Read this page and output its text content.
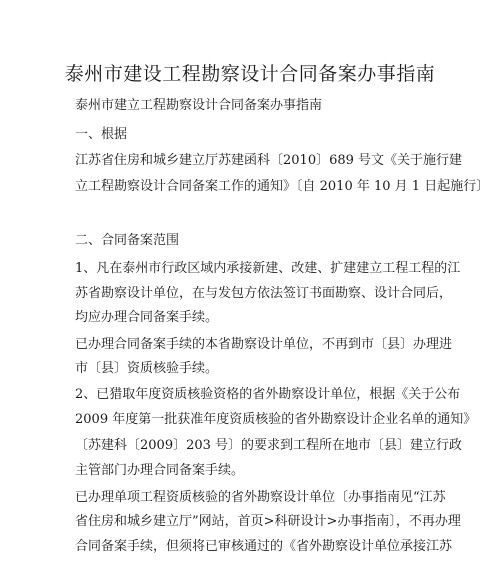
泰州市建设工程勘察设计合同备案办事指南

泰州市建立工程勘察设计合同备案办事指南

一、根据

江苏省住房和城乡建立厅苏建函科〔2010〕689 号文《关于施行建

立工程勘察设计合同备案工作的通知》〔自 2010 年 10 月 1 日起施行〕

二、合同备案范围

1、凡在泰州市行政区域内承接新建、改建、扩建建立工程工程的江

苏省勘察设计单位，在与发包方依法签订书面勘察、设计合同后，

均应办理合同备案手续。

已办理合同备案手续的本省勘察设计单位，不再到市〔县〕办理进

市〔县〕资质核验手续。

2、已猎取年度资质核验资格的省外勘察设计单位，根据《关于公布

2009 年度第一批获准年度资质核验的省外勘察设计企业名单的通知》

〔苏建科〔2009〕203 号〕的要求到工程所在地市〔县〕建立行政

主管部门办理合同备案手续。

已办理单项工程资质核验的省外勘察设计单位〔办事指南见“江苏

省住房和城乡建立厅”网站，首页>科研设计>办事指南〕，不再办理

合同备案手续，但须将已审核通过的《省外勘察设计单位承接江苏
